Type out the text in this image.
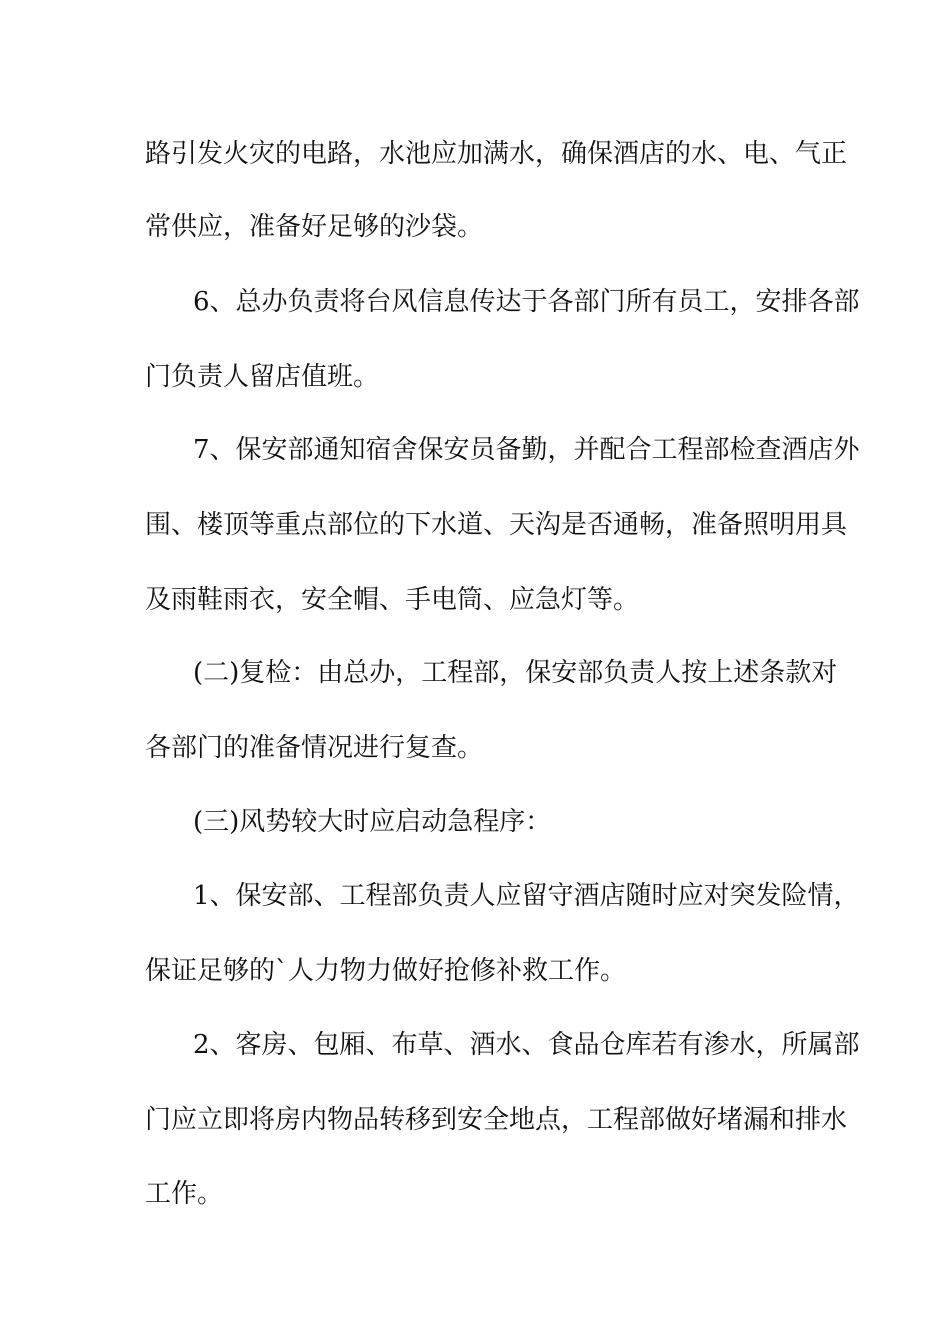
路引发火灾的电路，水池应加满水，确保酒店的水、电、气正
常供应，准备好足够的沙袋。
6、总办负责将台风信息传达于各部门所有员工，安排各部
门负责人留店值班。
7、保安部通知宿舍保安员备勤，并配合工程部检查酒店外
围、楼顶等重点部位的下水道、天沟是否通畅，准备照明用具
及雨鞋雨衣，安全帽、手电筒、应急灯等。
(二)复检：由总办，工程部，保安部负责人按上述条款对
各部门的准备情况进行复查。
(三)风势较大时应启动急程序：
1、保安部、工程部负责人应留守酒店随时应对突发险情，
保证足够的`人力物力做好抢修补救工作。
2、客房、包厢、布草、酒水、食品仓库若有渗水，所属部
门应立即将房内物品转移到安全地点，工程部做好堵漏和排水
工作。
